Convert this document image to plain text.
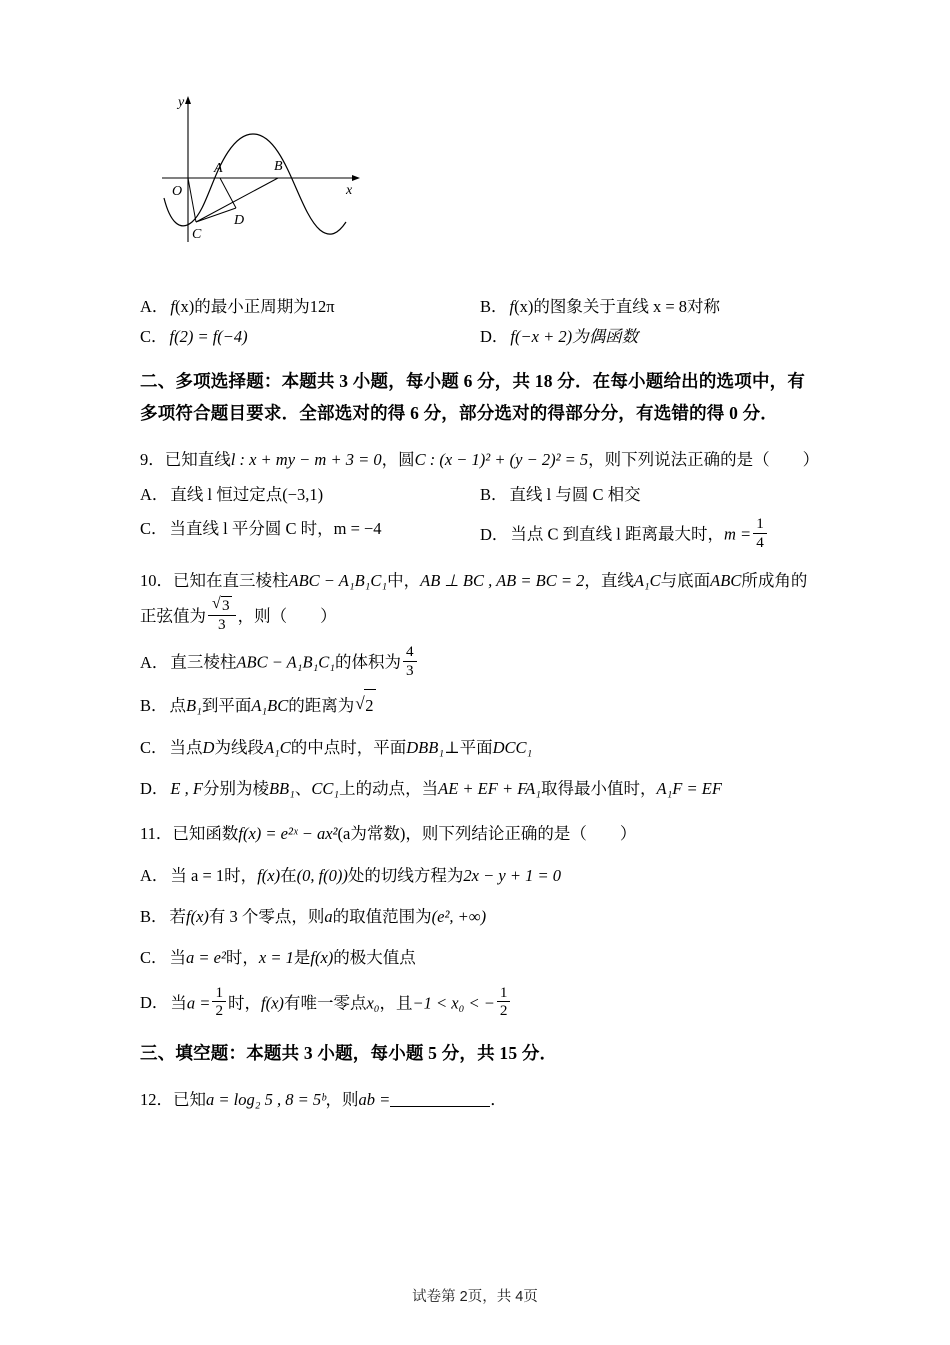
y
x
O
A	B
C
D
A． f(x)的最小正周期为12π	B． f(x)的图象关于直线 x = 8对称
C． f(2) = f(−4)	D． f(−x + 2)为偶函数
二、多项选择题：本题共 3 小题，每小题 6 分，共 18 分．在每小题给出的选项中，有多项符合题目要求．全部选对的得 6 分，部分选对的得部分分，有选错的得 0 分．
9．已知直线l : x + my − m + 3 = 0，圆C : (x − 1)² + (y − 2)² = 5，则下列说法正确的是（　　）
A． 直线 l 恒过定点(−3,1)	B． 直线 l 与圆 C 相交
C． 当直线 l 平分圆 C 时，m = −4	D． 当点 C 到直线 l 距离最大时，$m = \frac{1}{4}$
10．已知在直三棱柱ABC − A₁B₁C₁中，AB ⊥ BC , AB = BC = 2，直线A₁C与底面ABC所成角的正弦值为 √ $\frac{3}{3}$ ，则（　　）
A． 直三棱柱ABC − A₁B₁C₁的体积为 $\frac{4}{3}$
B． 点B₁到平面A₁BC的距离为 √ 2
C． 当点D为线段A₁C的中点时，平面DBB₁⊥平面DCC₁
D． E , F分别为棱BB₁、CC₁上的动点，当AE + EF + FA₁取得最小值时，A₁F = EF
11．已知函数f(x) = e²ˣ − ax²(a为常数)，则下列结论正确的是（　　）
A． 当 a = 1时，f(x)在(0, f(0))处的切线方程为2x − y + 1 = 0
B． 若f(x)有 3 个零点，则a的取值范围为(e², +∞)
C． 当a = e²时，x = 1是f(x)的极大值点
D． 当$a = \frac{1}{2}$ 时，f(x)有唯一零点x₀，且−1 < x₀ < − $\frac{1}{2}$
三、填空题：本题共 3 小题，每小题 5 分，共 15 分．
12．已知a = log₂ 5 , 8 = 5ᵇ，则ab =	．
试卷第 2页，共 4页
